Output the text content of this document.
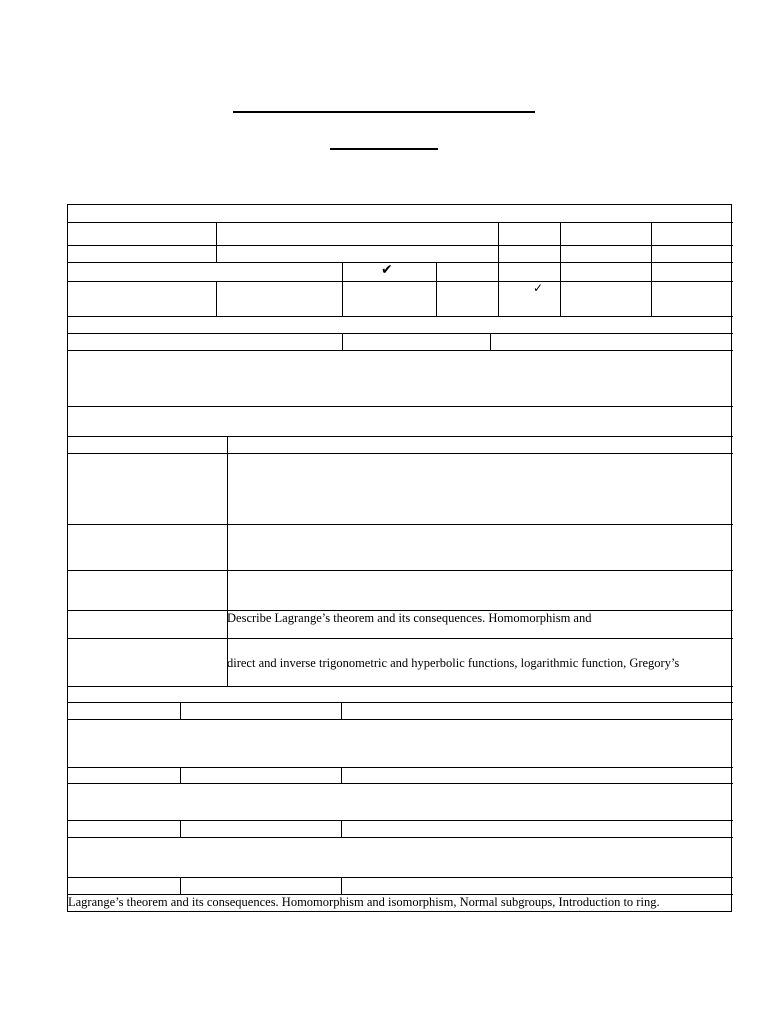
✔
✓
Describe Lagrange’s theorem and its consequences. Homomorphism and
direct and inverse trigonometric and hyperbolic functions, logarithmic function, Gregory’s
Lagrange’s theorem and its consequences. Homomorphism and isomorphism, Normal subgroups, Introduction to ring.
